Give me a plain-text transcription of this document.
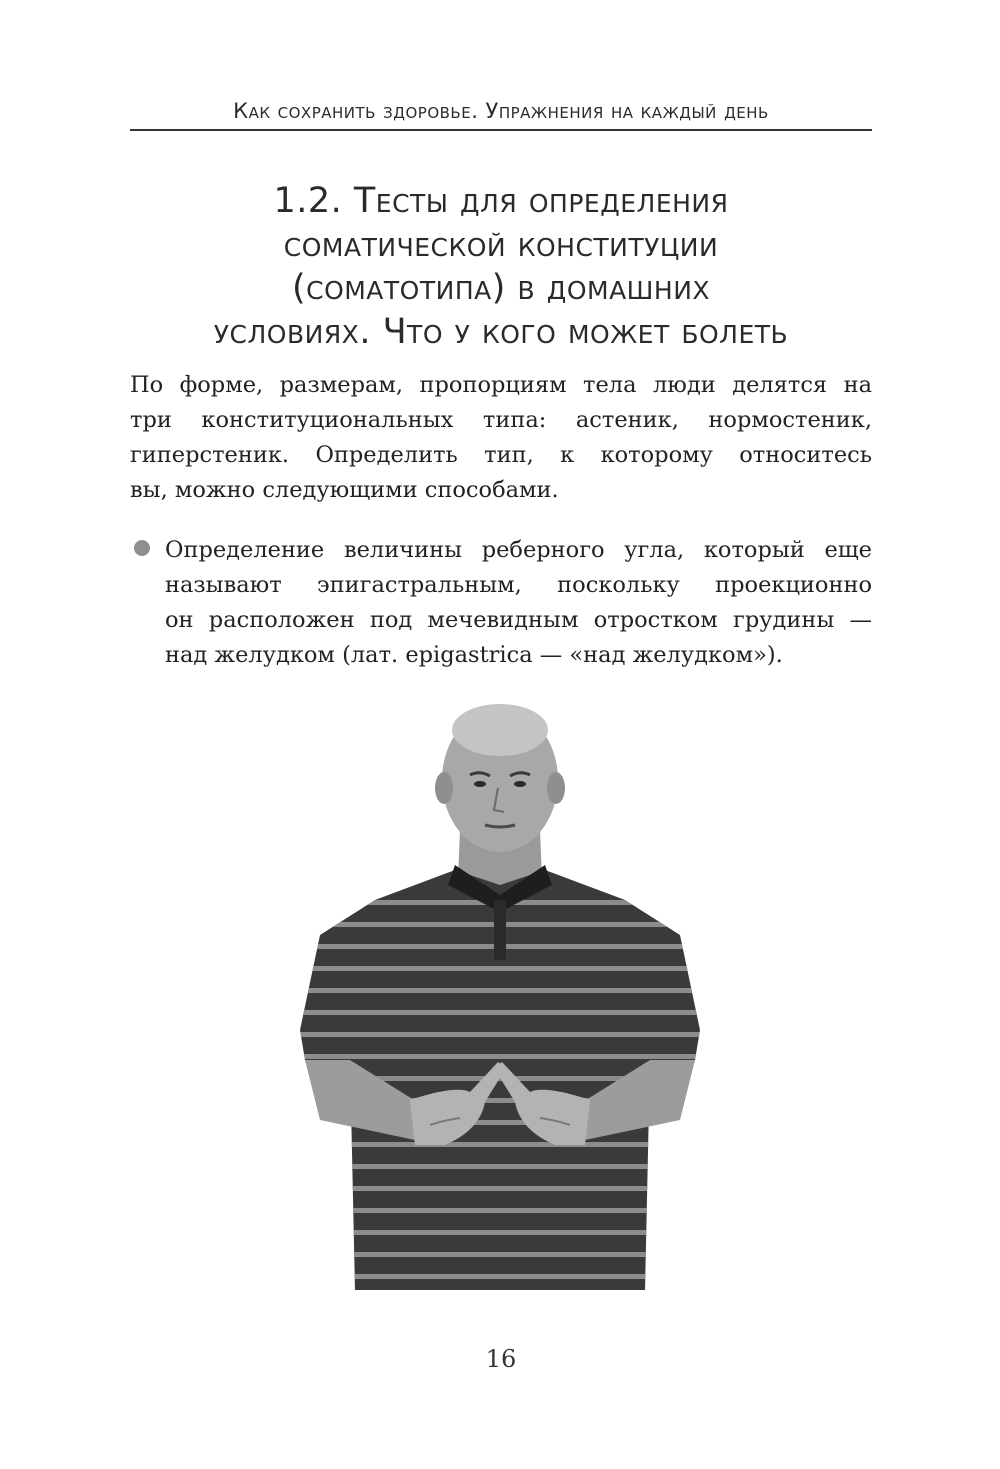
Как сохранить здоровье. Упражнения на каждый день
1.2. Тесты для определения
соматической конституции
(соматотипа) в домашних
условиях. Что у кого может болеть

По форме, размерам, пропорциям тела люди делятся на
три конституциональных типа: астеник, нормостеник,
гиперстеник. Определить тип, к которому относитесь
вы, можно следующими способами.

Определение величины реберного угла, который еще
называют эпигастральным, поскольку проекционно
он расположен под мечевидным отростком грудины —
над желудком (лат. epigastrica — «над желудком»).

16
